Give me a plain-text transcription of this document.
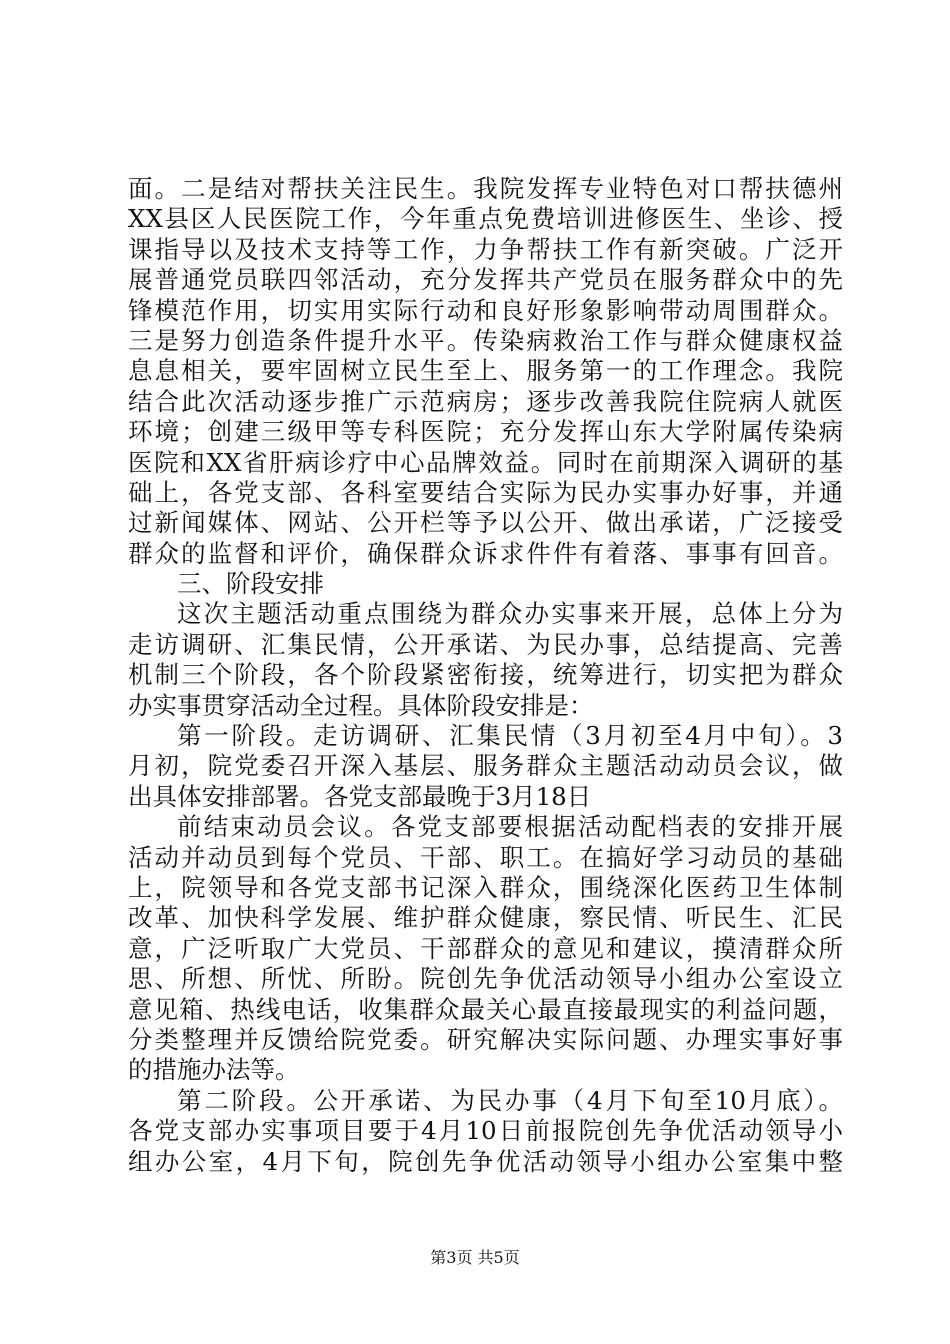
面。二是结对帮扶关注民生。我院发挥专业特色对口帮扶德州
XX县区人民医院工作，今年重点免费培训进修医生、坐诊、授
课指导以及技术支持等工作，力争帮扶工作有新突破。广泛开
展普通党员联四邻活动，充分发挥共产党员在服务群众中的先
锋模范作用，切实用实际行动和良好形象影响带动周围群众。
三是努力创造条件提升水平。传染病救治工作与群众健康权益
息息相关，要牢固树立民生至上、服务第一的工作理念。我院
结合此次活动逐步推广示范病房；逐步改善我院住院病人就医
环境；创建三级甲等专科医院；充分发挥山东大学附属传染病
医院和XX省肝病诊疗中心品牌效益。同时在前期深入调研的基
础上，各党支部、各科室要结合实际为民办实事办好事，并通
过新闻媒体、网站、公开栏等予以公开、做出承诺，广泛接受
群众的监督和评价，确保群众诉求件件有着落、事事有回音。
三、阶段安排
这次主题活动重点围绕为群众办实事来开展，总体上分为
走访调研、汇集民情，公开承诺、为民办事，总结提高、完善
机制三个阶段，各个阶段紧密衔接，统筹进行，切实把为群众
办实事贯穿活动全过程。具体阶段安排是：
第一阶段。走访调研、汇集民情（3月初至4月中旬）。3
月初，院党委召开深入基层、服务群众主题活动动员会议，做
出具体安排部署。各党支部最晚于3月18日
前结束动员会议。各党支部要根据活动配档表的安排开展
活动并动员到每个党员、干部、职工。在搞好学习动员的基础
上，院领导和各党支部书记深入群众，围绕深化医药卫生体制
改革、加快科学发展、维护群众健康，察民情、听民生、汇民
意，广泛听取广大党员、干部群众的意见和建议，摸清群众所
思、所想、所忧、所盼。院创先争优活动领导小组办公室设立
意见箱、热线电话，收集群众最关心最直接最现实的利益问题，
分类整理并反馈给院党委。研究解决实际问题、办理实事好事
的措施办法等。
第二阶段。公开承诺、为民办事（4月下旬至10月底）。
各党支部办实事项目要于4月10日前报院创先争优活动领导小
组办公室，4月下旬，院创先争优活动领导小组办公室集中整
第3页 共5页
